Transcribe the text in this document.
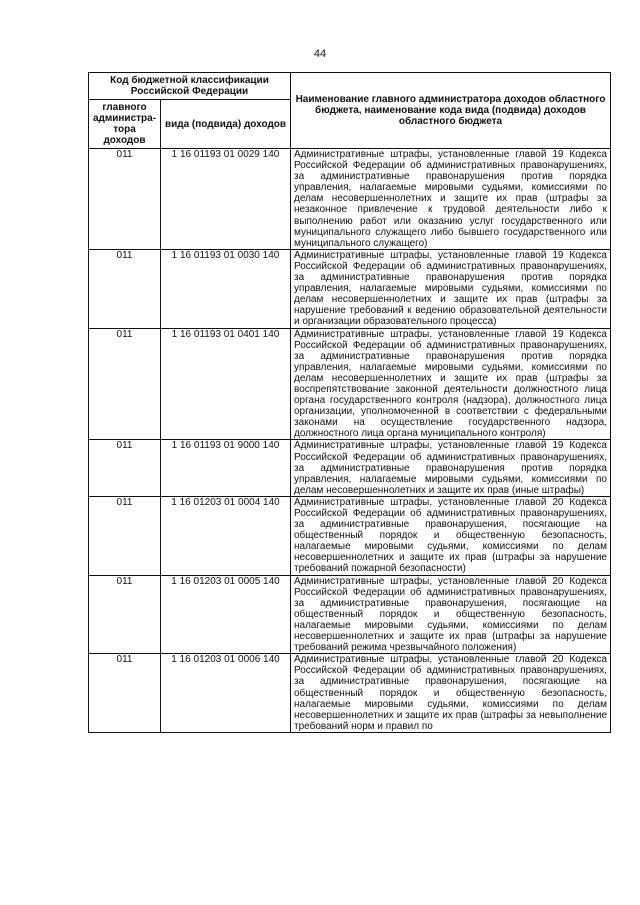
44
Код бюджетной классификации Российской Федерации		Наименование главного администратора доходов областного бюджета, наименование кода вида (подвида) доходов областного бюджета
главного администра-тора доходов	вида (подвида) доходов	
011	1 16 01193 01 0029 140	Административные штрафы, установленные главой 19 Кодекса Российской Федерации об административных правонарушениях, за административные правонарушения против порядка управления, налагаемые мировыми судьями, комиссиями по делам несовершеннолетних и защите их прав (штрафы за незаконное привлечение к трудовой деятельности либо к выполнению работ или оказанию услуг государственного или муниципального служащего либо бывшего государственного или муниципального служащего)
011	1 16 01193 01 0030 140	Административные штрафы, установленные главой 19 Кодекса Российской Федерации об административных правонарушениях, за административные правонарушения против порядка управления, налагаемые мировыми судьями, комиссиями по делам несовершеннолетних и защите их прав (штрафы за нарушение требований к ведению образовательной деятельности и организации образовательного процесса)
011	1 16 01193 01 0401 140	Административные штрафы, установленные главой 19 Кодекса Российской Федерации об административных правонарушениях, за административные правонарушения против порядка управления, налагаемые мировыми судьями, комиссиями по делам несовершеннолетних и защите их прав (штрафы за воспрепятствование законной деятельности должностного лица органа государственного контроля (надзора), должностного лица организации, уполномоченной в соответствии с федеральными законами на осуществление государственного надзора, должностного лица органа муниципального контроля)
011	1 16 01193 01 9000 140	Административные штрафы, установленные главой 19 Кодекса Российской Федерации об административных правонарушениях, за административные правонарушения против порядка управления, налагаемые мировыми судьями, комиссиями по делам несовершеннолетних и защите их прав (иные штрафы)
011	1 16 01203 01 0004 140	Административные штрафы, установленные главой 20 Кодекса Российской Федерации об административных правонарушениях, за административные правонарушения, посягающие на общественный порядок и общественную безопасность, налагаемые мировыми судьями, комиссиями по делам несовершеннолетних и защите их прав (штрафы за нарушение требований пожарной безопасности)
011	1 16 01203 01 0005 140	Административные штрафы, установленные главой 20 Кодекса Российской Федерации об административных правонарушениях, за административные правонарушения, посягающие на общественный порядок и общественную безопасность, налагаемые мировыми судьями, комиссиями по делам несовершеннолетних и защите их прав (штрафы за нарушение требований режима чрезвычайного положения)
011	1 16 01203 01 0006 140	Административные штрафы, установленные главой 20 Кодекса Российской Федерации об административных правонарушениях, за административные правонарушения, посягающие на общественный порядок и общественную безопасность, налагаемые мировыми судьями, комиссиями по делам несовершеннолетних и защите их прав (штрафы за невыполнение требований норм и правил по
